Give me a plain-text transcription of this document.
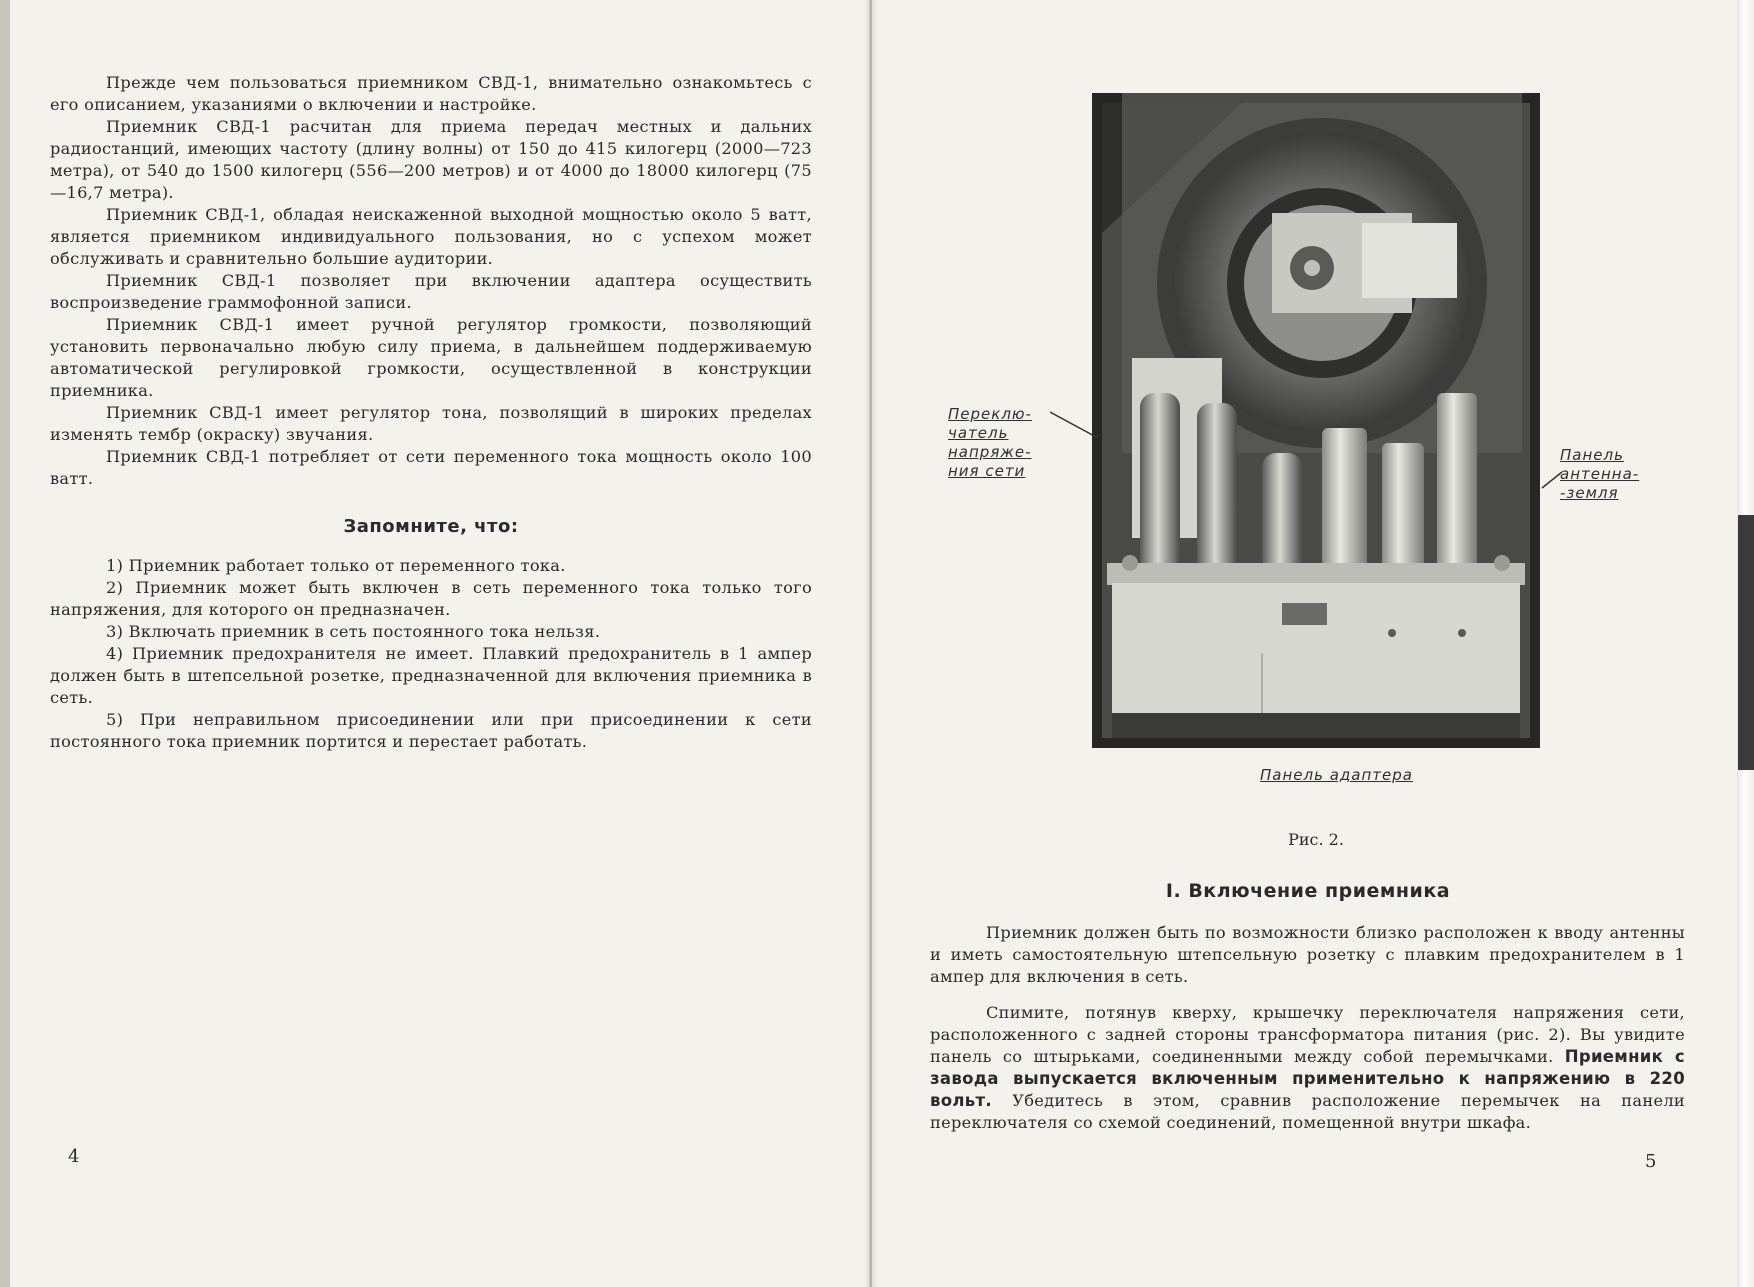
Прежде чем пользоваться приемником СВД-1, внимательно ознакомьтесь с его описанием, указаниями о включении и настройке.

Приемник СВД-1 расчитан для приема передач местных и дальних радиостанций, имеющих частоту (длину волны) от 150 до 415 килогерц (2000—723 метра), от 540 до 1500 килогерц (556—200 метров) и от 4000 до 18000 килогерц (75—16,7 метра).

Приемник СВД-1, обладая неискаженной выходной мощностью около 5 ватт, является приемником индивидуального пользования, но с успехом может обслуживать и сравнительно большие аудитории.

Приемник СВД-1 позволяет при включении адаптера осуществить воспроизведение граммофонной записи.

Приемник СВД-1 имеет ручной регулятор громкости, позволяющий установить первоначально любую силу приема, в дальнейшем поддерживаемую автоматической регулировкой громкости, осуществленной в конструкции приемника.

Приемник СВД-1 имеет регулятор тона, позволящий в широких пределах изменять тембр (окраску) звучания.

Приемник СВД-1 потребляет от сети переменного тока мощность около 100 ватт.

Запомните, что:

1) Приемник работает только от переменного тока.

2) Приемник может быть включен в сеть переменного тока только того напряжения, для которого он предназначен.

3) Включать приемник в сеть постоянного тока нельзя.

4) Приемник предохранителя не имеет. Плавкий предохранитель в 1 ампер должен быть в штепсельной розетке, предназначенной для включения приемника в сеть.

5) При неправильном присоединении или при присоединении к сети постоянного тока приемник портится и перестает работать.

4
Переклю-
чатель
напряже-
ния сети
Панель
антенна-
-земля
Панель адаптера
Рис. 2.
I. Включение приемника

Приемник должен быть по возможности близко расположен к вводу антенны и иметь самостоятельную штепсельную розетку с плавким предохранителем в 1 ампер для включения в сеть.

Спимите, потянув кверху, крышечку переключателя напряжения сети, расположенного с задней стороны трансформатора питания (рис. 2). Вы увидите панель со штырьками, соединенными между собой перемычками. Приемник с завода выпускается включенным применительно к напряжению в 220 вольт. Убедитесь в этом, сравнив расположение перемычек на панели переключателя со схемой соединений, помещенной внутри шкафа.

5
